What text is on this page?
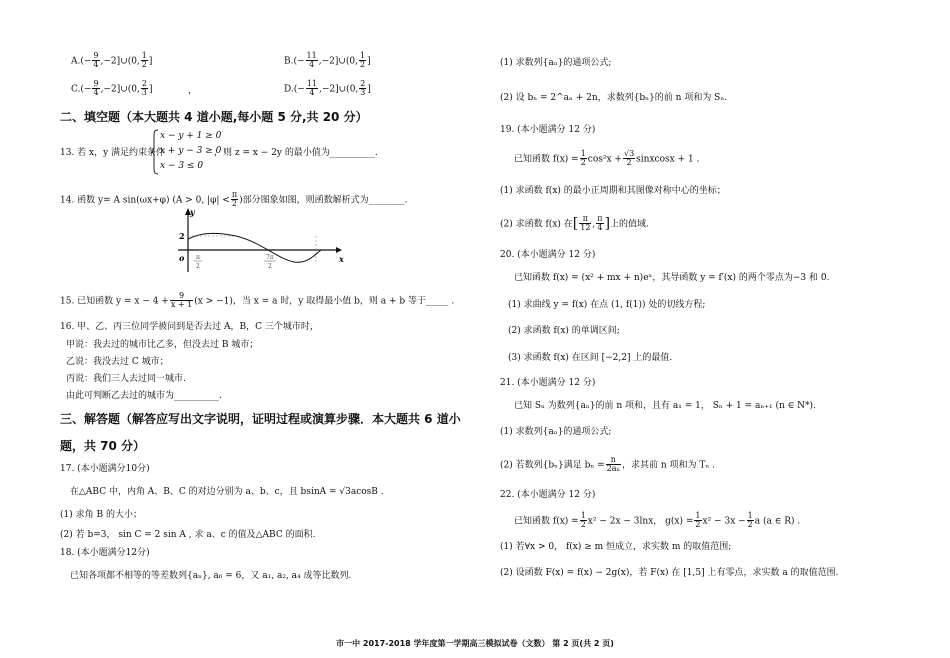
$A.(- \frac{9}{4}$ ,−2]∪(0, $\frac{1}{2}$ ]	$B.(- \frac{11}{4}$ ,−2]∪(0, $\frac{1}{2}$ ]
$C.(- \frac{9}{4}$ ,−2]∪(0, $\frac{2}{3}$ ]	，	$D.(- \frac{11}{4}$ ,−2]∪(0, $\frac{2}{3}$ ]
二、填空题（本大题共 4 道小题,每小题 5 分,共 20 分）
13. 若 x，y 满足约束条件
x − y + 1 ≥ 0
x + y − 3 ≥ 0
x − 3 ≤ 0
，则 z = x − 2y 的最小值为__________.
14. 函数 y= A sin(ωx+φ) (A > 0, $|\varphi| < \frac{\pi}{2}$ )部分图象如图，则函数解析式为________.
y
x
o
2
π
2
7π
2
15. 已知函数 $y = x - 4 + \frac{9}{x + 1} (x > -1)$，当 x = a 时，y 取得最小值 b，则 a + b 等于_____ .
16. 甲、乙、丙三位同学被问到是否去过 A，B，C 三个城市时，
甲说：我去过的城市比乙多，但没去过 B 城市；
乙说：我没去过 C 城市；
丙说：我们三人去过同一城市.
由此可判断乙去过的城市为__________.
三、解答题（解答应写出文字说明，证明过程或演算步骤．本大题共 6 道小
题，共 70 分）
17. (本小题满分10分)
在△ABC 中，内角 A、B、C 的对边分别为 a、b、c，且 bsinA = √3acosB .
(1) 求角 B 的大小；
(2) 若 b=3， sin C = 2 sin A , 求 a、c 的值及△ABC 的面积.
18. (本小题满分12分)
已知各项都不相等的等差数列{aₙ}, a₆ = 6，又 a₁, a₂, a₄ 成等比数列.
(1) 求数列{aₙ}的通项公式;
(2) 设 bₙ = 2^aₙ + 2n，求数列{bₙ}的前 n 项和为 Sₙ.
19. (本小题满分 12 分)
已知函数 $f(x) = \frac{1}{2} \cos^2x + \frac{√3}{2}$ sinxcosx + 1 .
(1) 求函数 f(x) 的最小正周期和其图像对称中心的坐标；
(2) 求函数 f(x) 在[ $\frac{\pi}{12}$ , $\frac{\pi}{4}$ ]上的值域.
20. (本小题满分 12 分)
已知函数 f(x) = (x² + mx + n)eˣ，其导函数 y = f′(x) 的两个零点为−3 和 0.
(1) 求曲线 y = f(x) 在点 (1, f(1)) 处的切线方程;
(2) 求函数 f(x) 的单调区间;
(3) 求函数 f(x) 在区间 [−2,2] 上的最值.
21. (本小题满分 12 分)
已知 Sₙ 为数列{aₙ}的前 n 项和，且有 a₁ = 1， Sₙ + 1 = aₙ₊₁ (n ∈ N*)．
(1) 求数列{aₙ}的通项公式;
(2) 若数列{bₙ}满足 $b_n = \frac{n}{\text{2aₙ}}$ ，求其前 n 项和为 Tₙ .
22. (本小题满分 12 分)
已知函数 $f(x) = \frac{1}{2} x^2 - 2x - 3\ln x$， $g(x) = \frac{1}{2} x^2 - 3x - \frac{1}{2}$ a (a ∈ R) .
(1) 若∀x > 0， f(x) ≥ m 恒成立，求实数 m 的取值范围;
(2) 设函数 F(x) = f(x) − 2g(x)，若 F(x) 在 [1,5] 上有零点，求实数 a 的取值范围.
市一中 2017-2018 学年度第一学期高三模拟试卷（文数） 第 2 页(共 2 页)
